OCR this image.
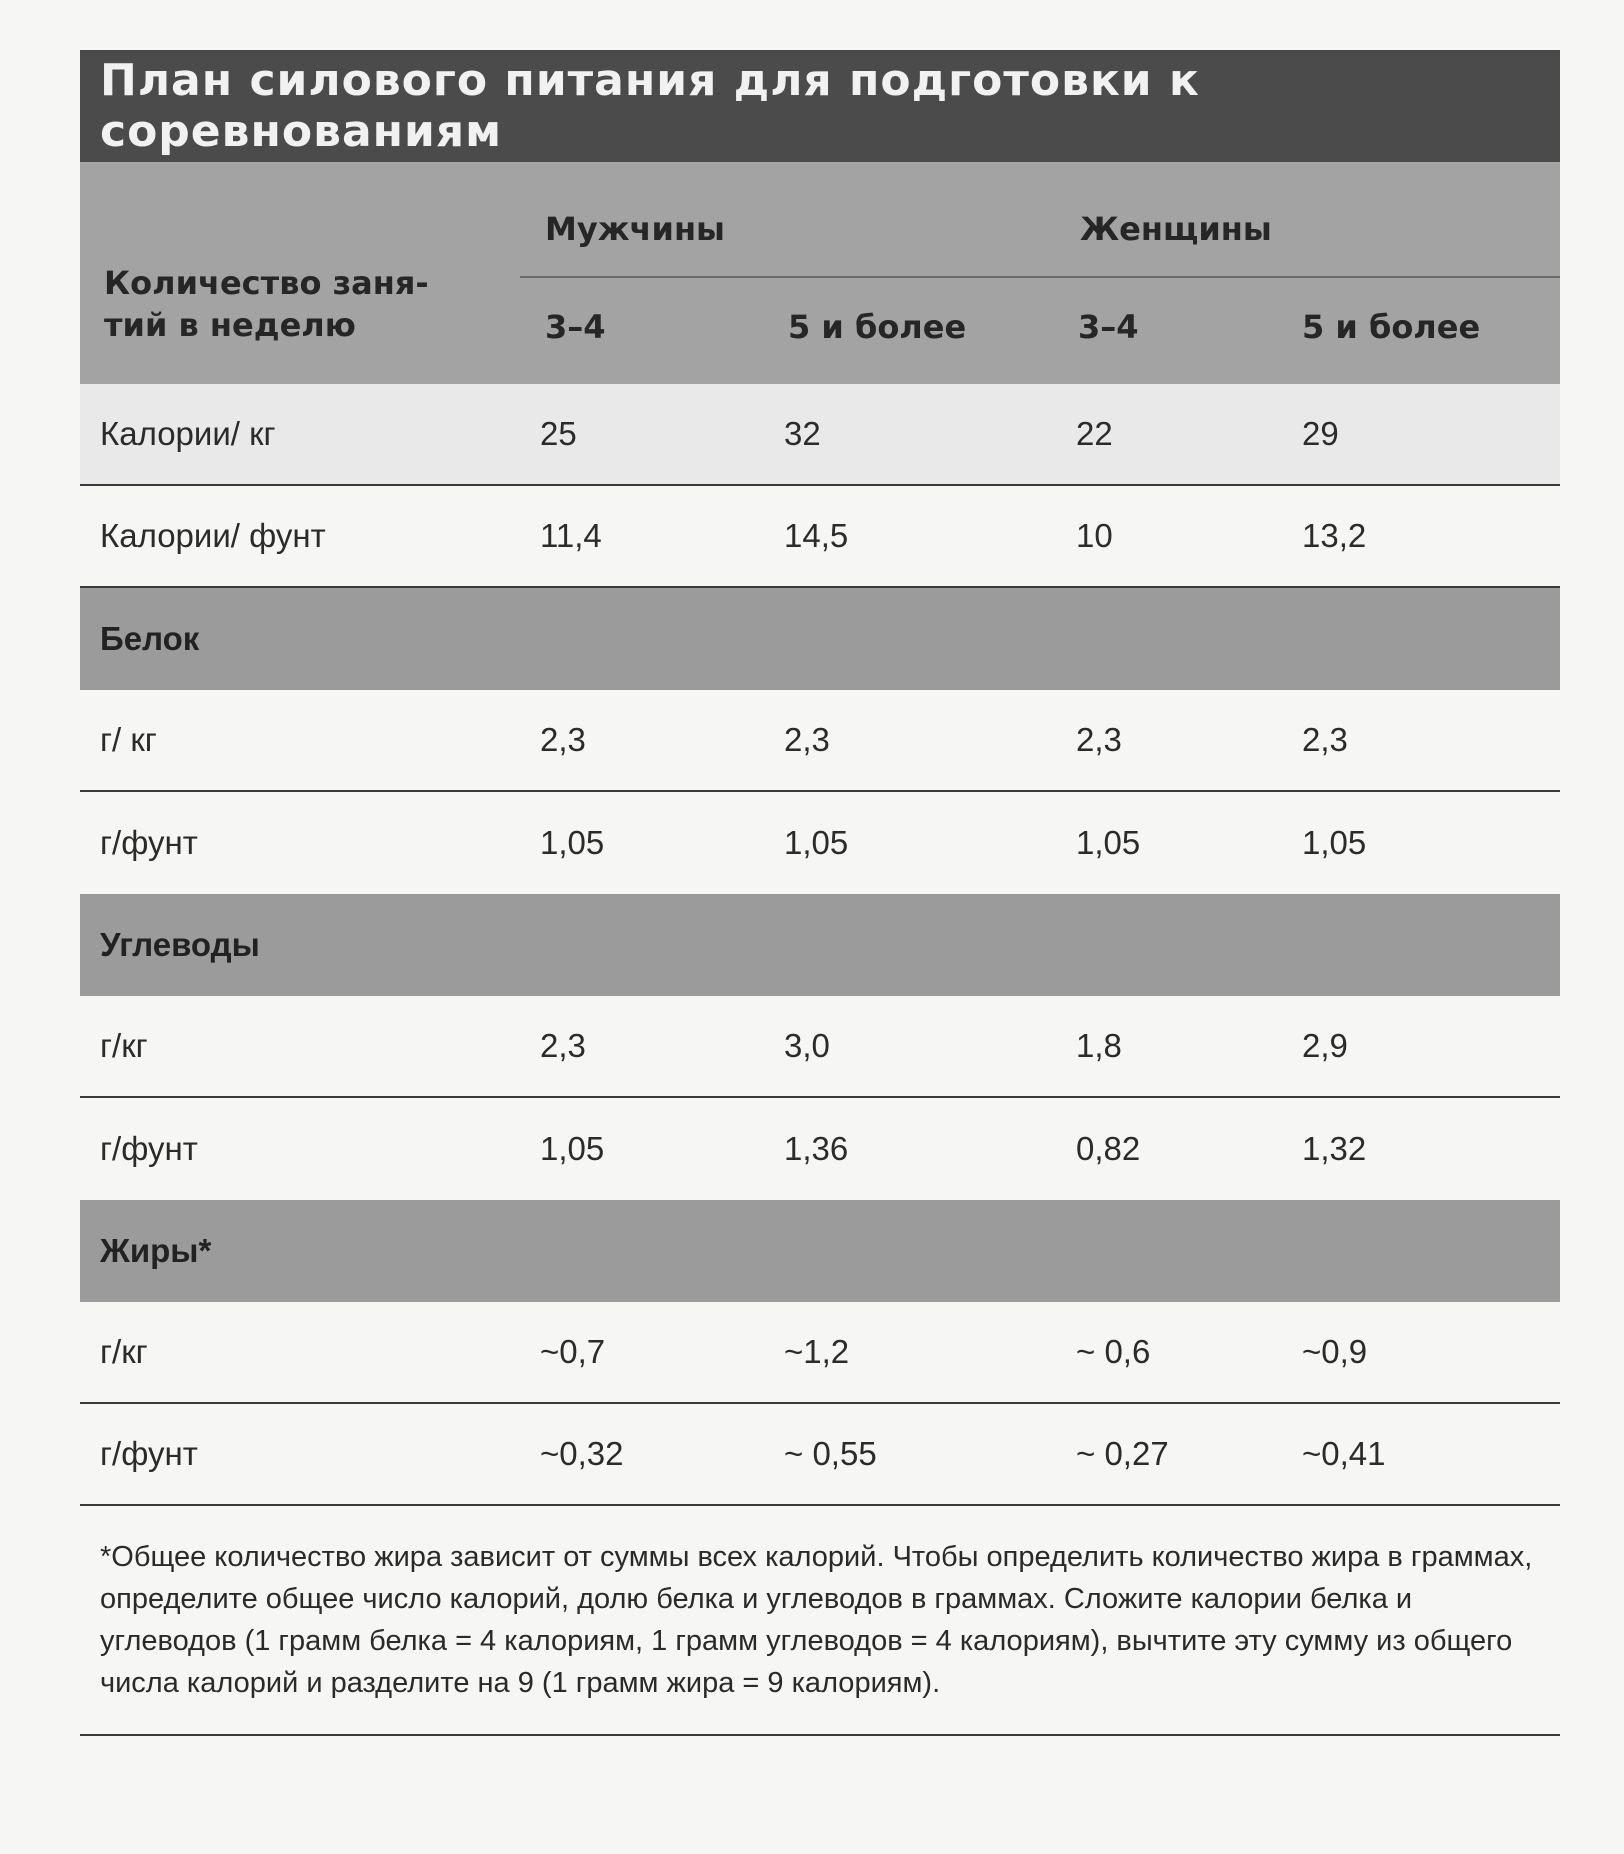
План силового питания для подготовки к соревнованиям
Мужчины	Женщины
Количество заня-тий в неделю	3–4	5 и более	3–4	5 и более
Калории/ кг	25	32	22	29
Калории/ фунт	11,4	14,5	10	13,2
Белок
г/ кг	2,3	2,3	2,3	2,3
г/фунт	1,05	1,05	1,05	1,05
Углеводы
г/кг	2,3	3,0	1,8	2,9
г/фунт	1,05	1,36	0,82	1,32
Жиры*
г/кг	~0,7	~1,2	~ 0,6	~0,9
г/фунт	~0,32	~ 0,55	~ 0,27	~0,41
*Общее количество жира зависит от суммы всех калорий. Чтобы определить количество жира в граммах, определите общее число калорий, долю белка и углеводов в граммах. Сложите калории белка и углеводов (1 грамм белка = 4 калориям, 1 грамм углеводов = 4 калориям), вычтите эту сумму из общего числа калорий и разделите на 9 (1 грамм жира = 9 калориям).
